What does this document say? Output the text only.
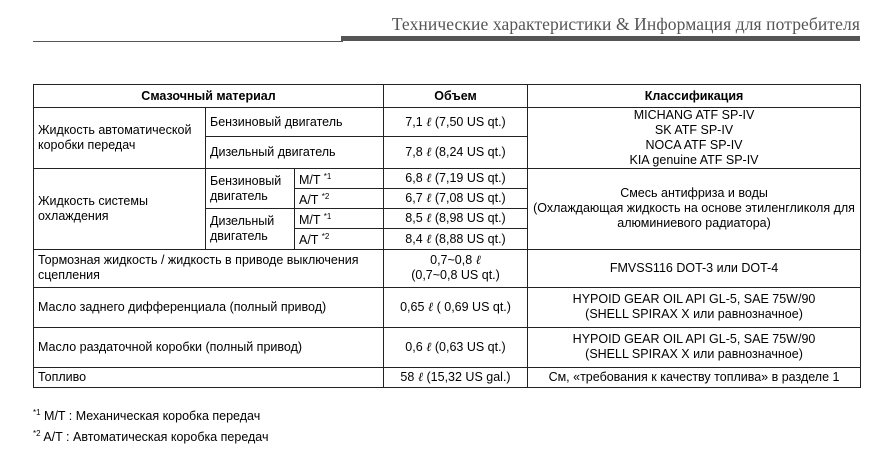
Технические характеристики & Информация для потребителя
Смазочный материал			Объем	Классификация
Жидкость автоматической коробки передач	Бензиновый двигатель		7,1 ℓ (7,50 US qt.)	MICHANG ATF SP-IV
SK ATF SP-IV
NOCA ATF SP-IV
KIA genuine ATF SP-IV

	Дизельный двигатель		7,8 ℓ (8,24 US qt.)	
Жидкость системы охлаждения	Бензиновый двигатель	M/T $^{*1}$	6,8 ℓ (7,19 US qt.)	Смесь антифриза и воды
(Охлаждающая жидкость на основе этиленгликоля для
алюминиевого радиатора)

		A/T $^{*2}$	6,7 ℓ (7,08 US qt.)	
	Дизельный двигатель	M/T $^{*1}$	8,5 ℓ (8,98 US qt.)	
		A/T $^{*2}$	8,4 ℓ (8,88 US qt.)	
Тормозная жидкость / жидкость в приводе выключения сцепления			0,7~0,8 ℓ
(0,7~0,8 US qt.)	FMVSS116 DOT-3 или DOT-4
Масло заднего дифференциала (полный привод)			0,65 ℓ ( 0,69 US qt.)	HYPOID GEAR OIL API GL-5, SAE 75W/90
(SHELL SPIRAX X или равнозначное)

Масло раздаточной коробки (полный привод)			0,6 ℓ (0,63 US qt.)	HYPOID GEAR OIL API GL-5, SAE 75W/90
(SHELL SPIRAX X или равнозначное)

Топливо			58 ℓ (15,32 US gal.)	См, «требования к качеству топлива» в разделе 1
$^{*1}$ M/T : Механическая коробка передач
$^{*2}$ A/T : Автоматическая коробка передач
